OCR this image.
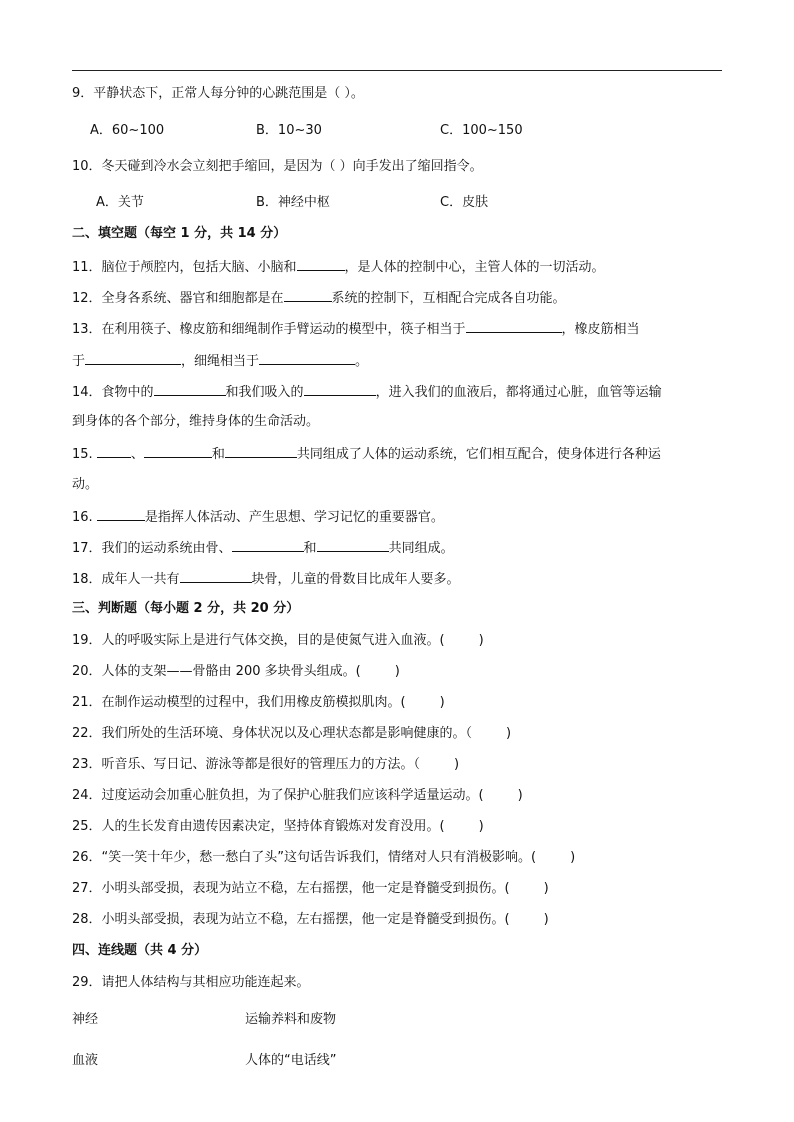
9．平静状态下，正常人每分钟的心跳范围是（ ）。
A．60~100	B．10~30	C．100~150
10．冬天碰到冷水会立刻把手缩回，是因为（ ）向手发出了缩回指令。
A．关节	B．神经中枢	C．皮肤
二、填空题（每空 1 分，共 14 分）
11．脑位于颅腔内，包括大脑、小脑和	，是人体的控制中心，主管人体的一切活动。
12．全身各系统、器官和细胞都是在	系统的控制下，互相配合完成各自功能。
13．在利用筷子、橡皮筋和细绳制作手臂运动的模型中，筷子相当于	，橡皮筋相当
于	，细绳相当于	。
14．食物中的	和我们吸入的	，进入我们的血液后，都将通过心脏，血管等运输
到身体的各个部分，维持身体的生命活动。
15.	、	和	共同组成了人体的运动系统，它们相互配合，使身体进行各种运
动。
16.	是指挥人体活动、产生思想、学习记忆的重要器官。
17．我们的运动系统由骨、	和	共同组成。
18．成年人一共有	块骨，儿童的骨数目比成年人要多。
三、判断题（每小题 2 分，共 20 分）
19．人的呼吸实际上是进行气体交换，目的是使氮气进入血液。(	)
20．人体的支架——骨骼由 200 多块骨头组成。(	)
21．在制作运动模型的过程中，我们用橡皮筋模拟肌肉。(	)
22．我们所处的生活环境、身体状况以及心理状态都是影响健康的。（	)
23．听音乐、写日记、游泳等都是很好的管理压力的方法。（	)
24．过度运动会加重心脏负担，为了保护心脏我们应该科学适量运动。(	)
25．人的生长发育由遗传因素决定，坚持体育锻炼对发育没用。(	)
26．“笑一笑十年少，愁一愁白了头”这句话告诉我们，情绪对人只有消极影响。(	)
27．小明头部受损，表现为站立不稳，左右摇摆，他一定是脊髓受到损伤。(	)
28．小明头部受损，表现为站立不稳，左右摇摆，他一定是脊髓受到损伤。(	)
四、连线题（共 4 分）
29．请把人体结构与其相应功能连起来。
神经	运输养料和废物
血液	人体的“电话线”
